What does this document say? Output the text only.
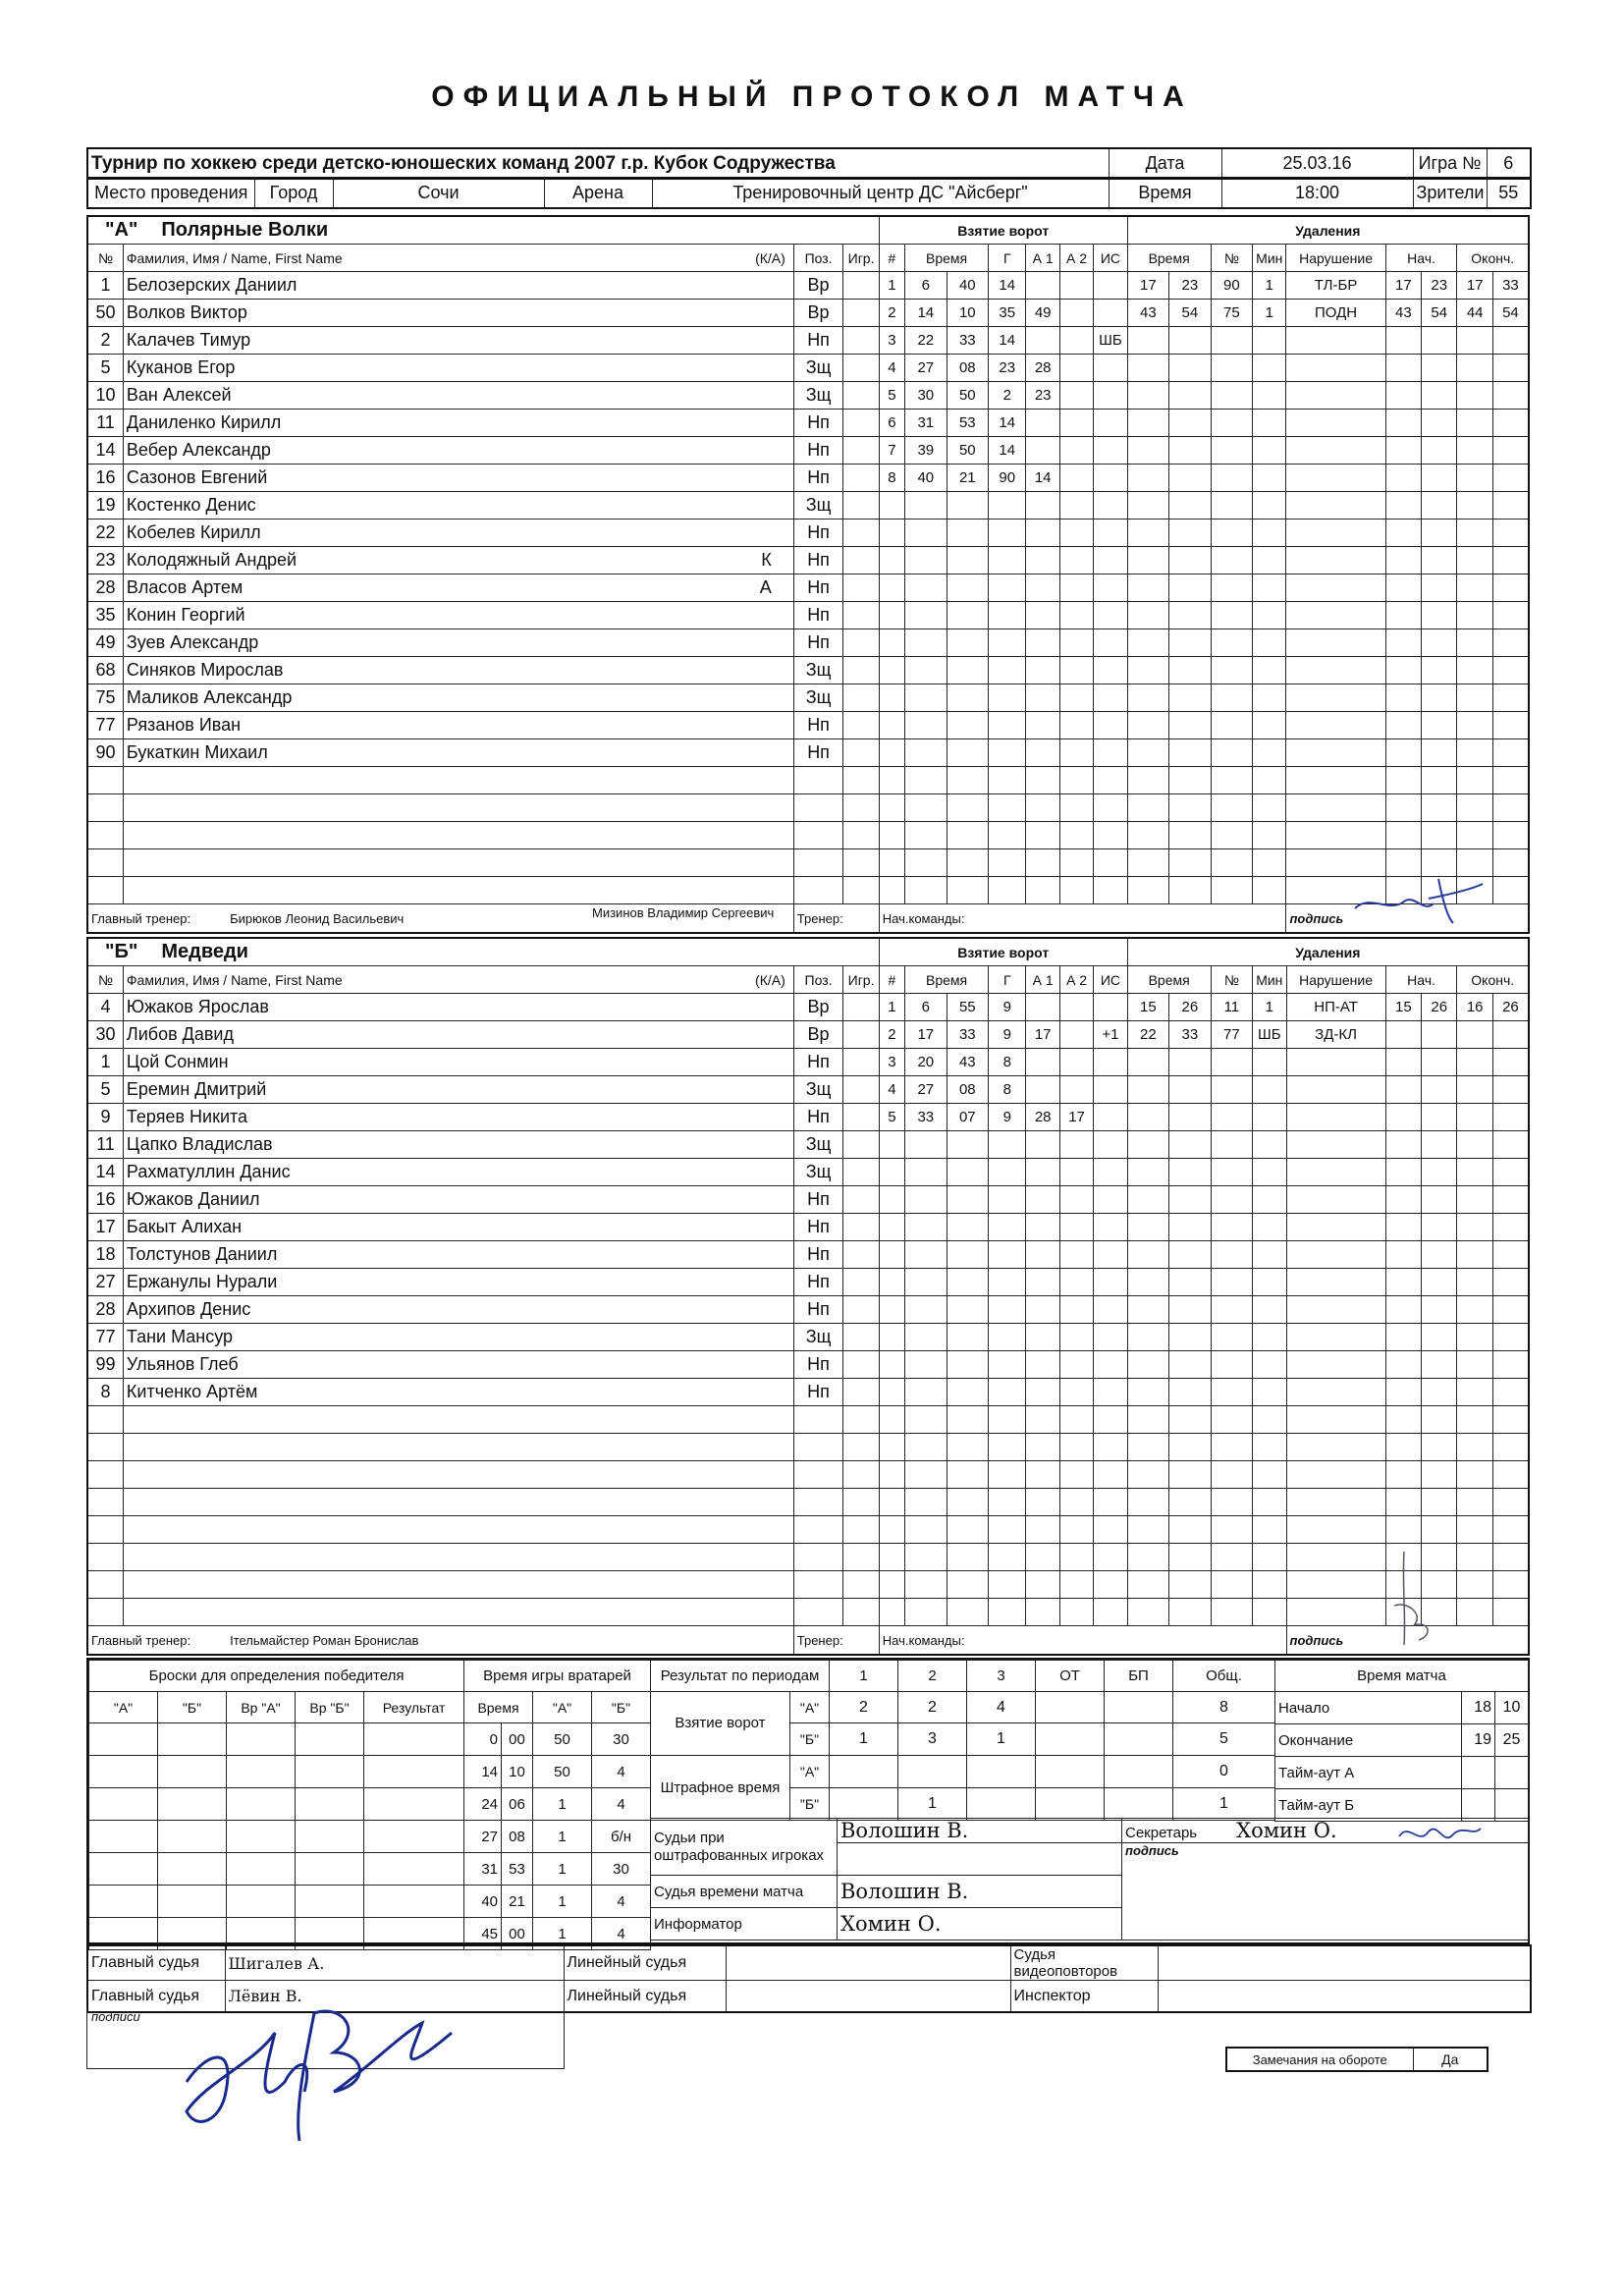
ОФИЦИАЛЬНЫЙ ПРОТОКОЛ МАТЧА
Турнир по хоккею среди детско-юношеских команд 2007 г.р. Кубок Содружества	Дата	25.03.16	Игра №	6
Место проведения	Город	Сочи	Арена	Тренировочный центр ДС "Айсберг"	Время	18:00	Зрители	55
"А" Полярные Волки				Взятие ворот							Удаления								
№	Фамилия, Имя / Name, First Name (К/А)	Поз.	Игр.	#	Время		Г	А 1	А 2	ИС	Время		№	Мин	Нарушение	Нач.		Оконч.	
1	Белозерских Даниил	Вр		1	6	40	14				17	23	90	1	ТЛ-БР	17	23	17	33
50	Волков Виктор	Вр		2	14	10	35	49			43	54	75	1	ПОДН	43	54	44	54
2	Калачев Тимур	Нп		3	22	33	14			ШБ									
5	Куканов Егор	Зщ		4	27	08	23	28											
10	Ван Алексей	Зщ		5	30	50	2	23											
11	Даниленко Кирилл	Нп		6	31	53	14												
14	Вебер Александр	Нп		7	39	50	14												
16	Сазонов Евгений	Нп		8	40	21	90	14											
19	Костенко Денис	Зщ																	
22	Кобелев Кирилл	Нп																	
23	Колодяжный Андрей К	Нп																	
28	Власов Артем А	Нп																	
35	Конин Георгий	Нп																	
49	Зуев Александр	Нп																	
68	Синяков Мирослав	Зщ																	
75	Маликов Александр	Зщ																	
77	Рязанов Иван	Нп																	
90	Букаткин Михаил	Нп																	

Главный тренер: Бирюков Леонид Васильевич		Тренер:		Нач.команды:											подпись				
"Б" Медведи				Взятие ворот							Удаления								
№	Фамилия, Имя / Name, First Name (К/А)	Поз.	Игр.	#	Время		Г	А 1	А 2	ИС	Время		№	Мин	Нарушение	Нач.		Оконч.	
4	Южаков Ярослав	Вр		1	6	55	9				15	26	11	1	НП-АТ	15	26	16	26
30	Либов Давид	Вр		2	17	33	9	17		+1	22	33	77	ШБ	ЗД-КЛ				
1	Цой Сонмин	Нп		3	20	43	8												
5	Еремин Дмитрий	Зщ		4	27	08	8												
9	Теряев Никита	Нп		5	33	07	9	28	17										
11	Цапко Владислав	Зщ																	
14	Рахматуллин Данис	Зщ																	
16	Южаков Даниил	Нп																	
17	Бакыт Алихан	Нп																	
18	Толстунов Даниил	Нп																	
27	Ержанулы Нурали	Нп																	
28	Архипов Денис	Нп																	
77	Тани Мансур	Зщ																	
99	Ульянов Глеб	Нп																	
8	Китченко Артём	Нп																	

Главный тренер: Ітельмайстер Роман Бронислав		Тренер:		Нач.команды:											подпись				
Броски для определения победителя				
"А"	"Б"	Вр "А"	Вр "Б"	Результат

Время игры вратарей			
Время		"А"	"Б"
0	00	50	30
14	10	50	4
24	06	1	4
27	08	1	б/н
31	53	1	30
40	21	1	4
45	00	1	4
Результат по периодам		1	2	3	ОТ	БП	Общ.
Взятие ворот	"А"	2	2	4			8
	"Б"	1	3	1			5
Штрафное время	"А"						0
	"Б"		1				1
Время матча		
Начало	18	10
Окончание	19	25
Тайм-аут А		
Тайм-аут Б		
Судьи при оштрафованных игроках	Волошин В.	Секретарь Хомин О.
		подпись
Судья времени матча	Волошин В.	
Информатор	Хомин О.	
Главный судья	Шигалев А.	Линейный судья		Судья видеоповторов	
Главный судья	Лёвин В.	Линейный судья		Инспектор	
подписи
Замечания на обороте	Да
Мизинов Владимир Сергеевич
